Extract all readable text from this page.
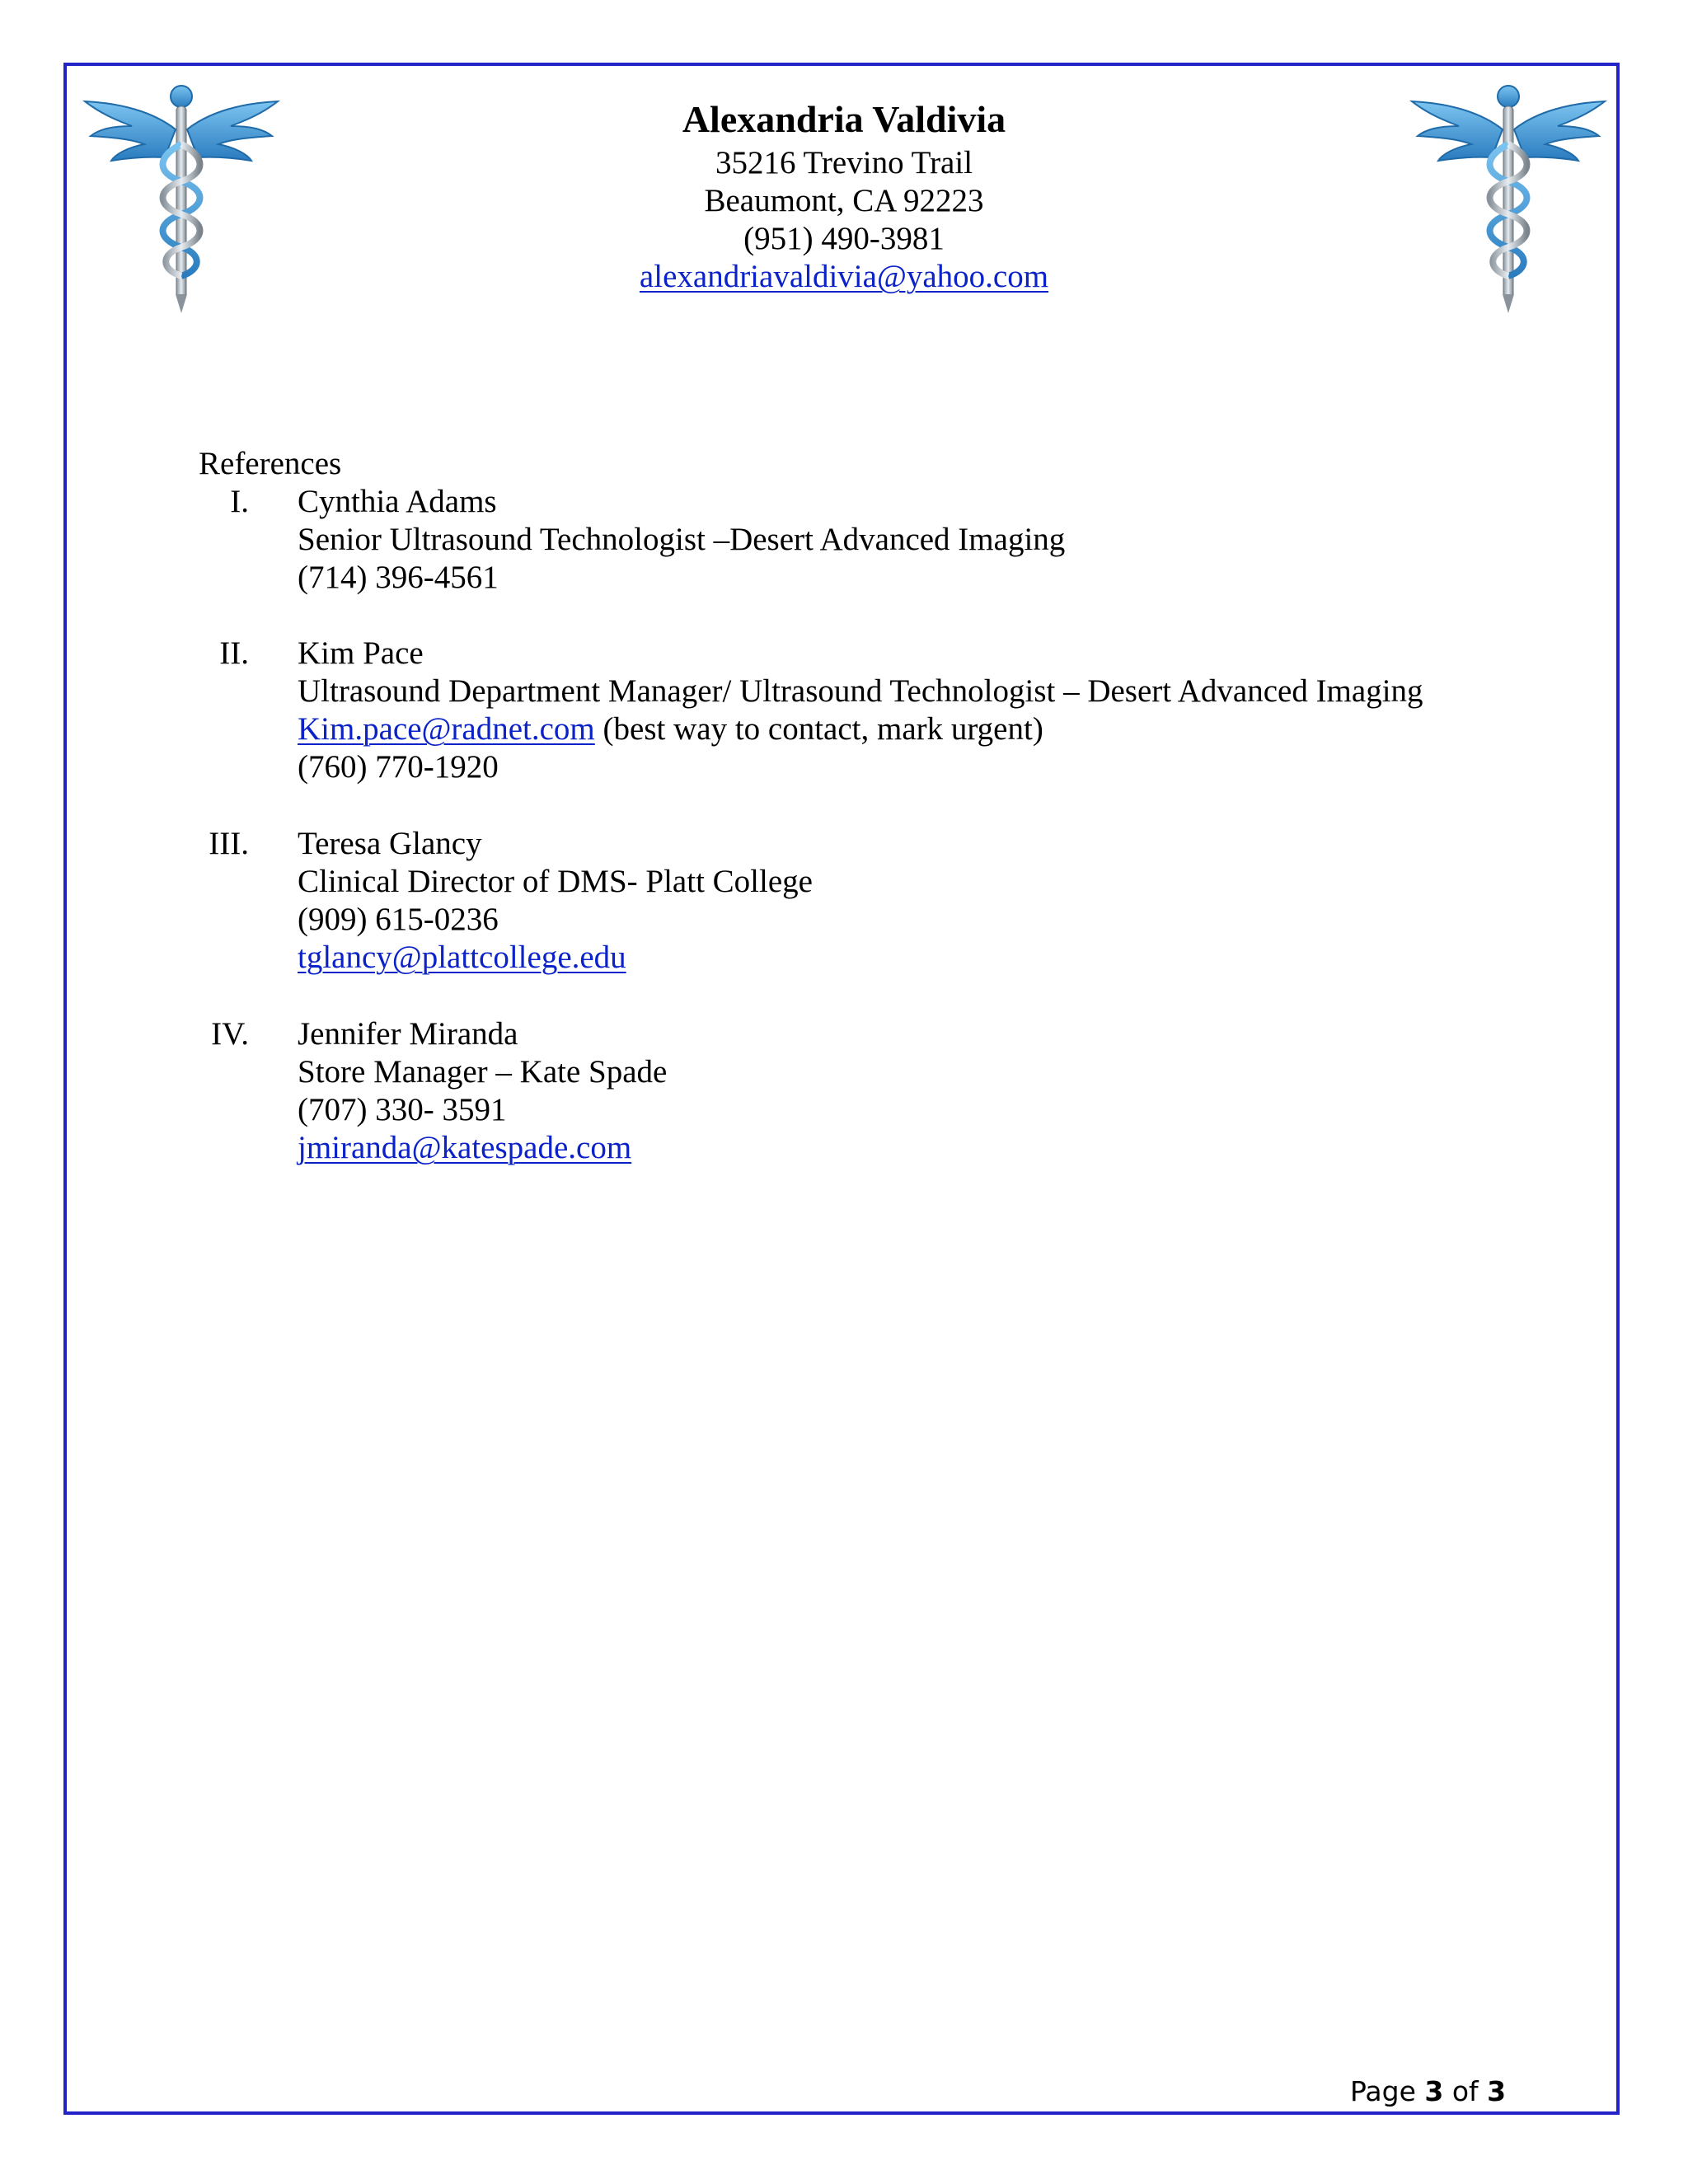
Alexandria Valdivia
35216 Trevino Trail
Beaumont, CA 92223
(951) 490-3981
alexandriavaldivia@yahoo.com
References
I. Cynthia Adams
Senior Ultrasound Technologist –Desert Advanced Imaging
(714) 396-4561
II. Kim Pace
Ultrasound Department Manager/ Ultrasound Technologist – Desert Advanced Imaging
Kim.pace@radnet.com (best way to contact, mark urgent)
(760) 770-1920
III. Teresa Glancy
Clinical Director of DMS- Platt College
(909) 615-0236
tglancy@plattcollege.edu
IV. Jennifer Miranda
Store Manager – Kate Spade
(707) 330- 3591
jmiranda@katespade.com
Page 3 of 3
